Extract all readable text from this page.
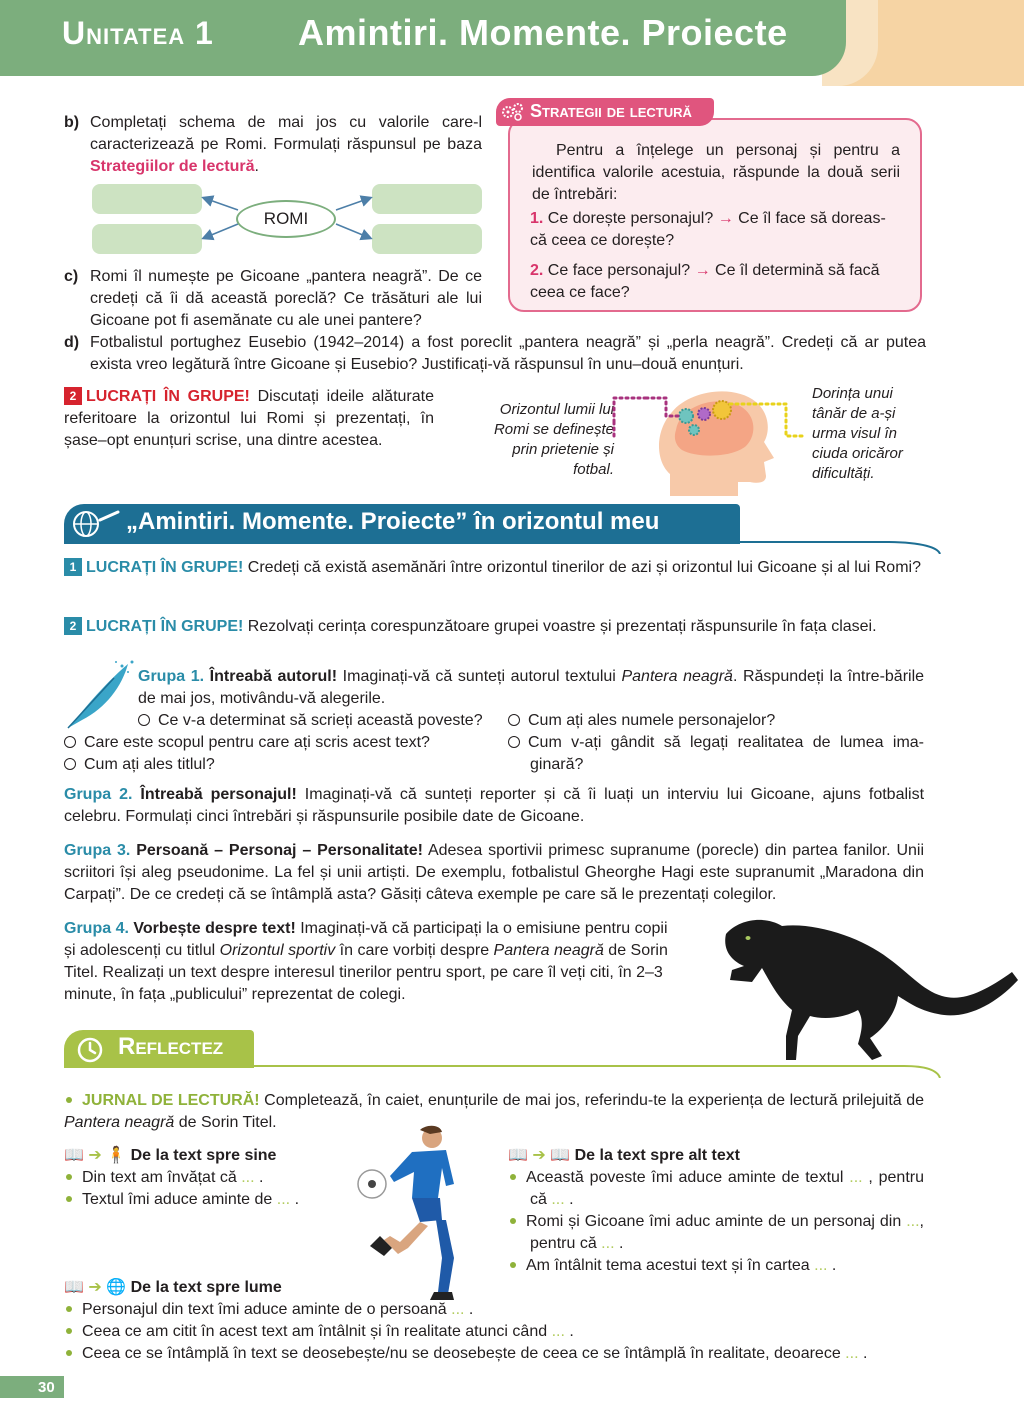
Unitatea 1 Amintiri. Momente. Proiecte
b) Completați schema de mai jos cu valorile care-l caracterizează pe Romi. Formulați răspunsul pe baza Strategiilor de lectură.
ROMI
Strategii de lectură
Pentru a înțelege un personaj și pentru a identifica valorile acestuia, răspunde la două serii de întrebări:
1. Ce dorește personajul? → Ce îl face să doreas-că ceea ce dorește?
2. Ce face personajul? → Ce îl determină să facă ceea ce face?
c) Romi îl numește pe Gicoane „pantera neagră”. De ce credeți că îi dă această poreclă? Ce trăsături ale lui Gicoane pot fi asemănate cu ale unei pantere?
d) Fotbalistul portughez Eusebio (1942–2014) a fost poreclit „pantera neagră” și „perla neagră”. Credeți că ar putea exista vreo legătură între Gicoane și Eusebio? Justificați-vă răspunsul în unu–două enunțuri.
2 LUCRAȚI ÎN GRUPE! Discutați ideile alăturate referitoare la orizontul lui Romi și prezentați, în șase–opt enunțuri scrise, una dintre acestea.
Orizontul lumii lui Romi se definește prin prietenie și fotbal.
Dorința unui tânăr de a-și urma visul în ciuda oricăror dificultăți.
„Amintiri. Momente. Proiecte” în orizontul meu
1 LUCRAȚI ÎN GRUPE! Credeți că există asemănări între orizontul tinerilor de azi și orizontul lui Gicoane și al lui Romi?
2 LUCRAȚI ÎN GRUPE! Rezolvați cerința corespunzătoare grupei voastre și prezentați răspunsurile în fața clasei.
Grupa 1. Întreabă autorul! Imaginați-vă că sunteți autorul textului Pantera neagră. Răspundeți la între-bările de mai jos, motivându-vă alegerile.
Ce v-a determinat să scrieți această poveste?
Care este scopul pentru care ați scris acest text?
Cum ați ales titlul?
Cum ați ales numele personajelor?
Cum v-ați gândit să legați realitatea de lumea ima-ginară?
Grupa 2. Întreabă personajul! Imaginați-vă că sunteți reporter și că îi luați un interviu lui Gicoane, ajuns fotbalist celebru. Formulați cinci întrebări și răspunsurile posibile date de Gicoane.
Grupa 3. Persoană – Personaj – Personalitate! Adesea sportivii primesc supranume (porecle) din partea fanilor. Unii scriitori își aleg pseudonime. La fel și unii artiști. De exemplu, fotbalistul Gheorghe Hagi este supranumit „Maradona din Carpați”. De ce credeți că se întâmplă asta? Găsiți câteva exemple pe care să le prezentați colegilor.
Grupa 4. Vorbește despre text! Imaginați-vă că participați la o emisiune pentru copii și adolescenți cu titlul Orizontul sportiv în care vorbiți despre Pantera neagră de Sorin Titel. Realizați un text despre interesul tinerilor pentru sport, pe care îl veți citi, în 2–3 minute, în fața „publicului” reprezentat de colegi.
Reflectez
JURNAL DE LECTURĂ! Completează, în caiet, enunțurile de mai jos, referindu-te la experiența de lectură prilejuită de Pantera neagră de Sorin Titel.
📖 ➔ 🧍 De la text spre sine
Din text am învățat că ... .
Textul îmi aduce aminte de ... .
📖 ➔ 📖 De la text spre alt text
Această poveste îmi aduce aminte de textul ... , pentru că ... .
Romi și Gicoane îmi aduc aminte de un personaj din ..., pentru că ... .
Am întâlnit tema acestui text și în cartea ... .
📖 ➔ 🌐 De la text spre lume
Personajul din text îmi aduce aminte de o persoană ... .
Ceea ce am citit în acest text am întâlnit și în realitate atunci când ... .
Ceea ce se întâmplă în text se deosebește/nu se deosebește de ceea ce se întâmplă în realitate, deoarece ... .
30
